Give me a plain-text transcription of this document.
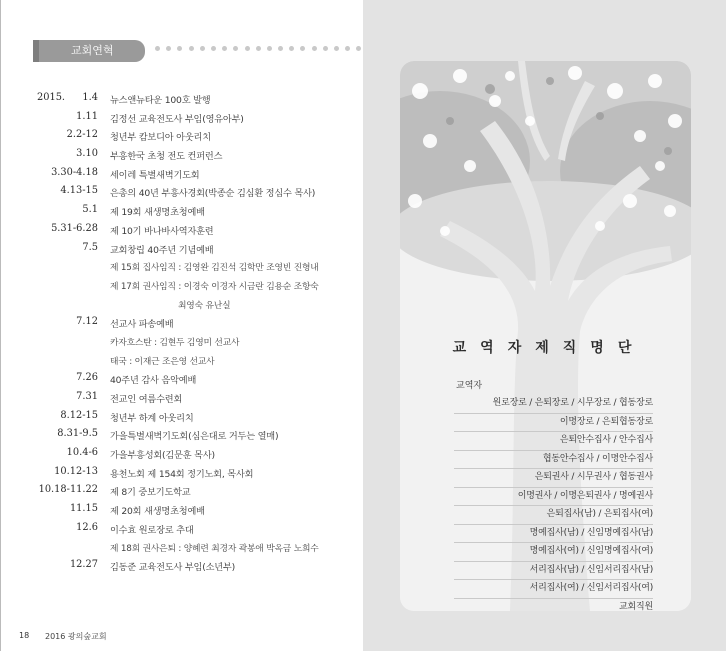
교회연혁
2015. 1.4 뉴스앤뉴타운 100호 발행
1.11 김정선 교육전도사 부임(영유아부)
2.2-12 청년부 캄보디아 아웃리치
3.10 부흥한국 초청 전도 컨퍼런스
3.30-4.18 세이레 특별새벽기도회
4.13-15 은총의 40년 부흥사경회(박종순 김심환 정심수 목사)
5.1 제 19회 새생명초청예배
5.31-6.28 제 10기 바나바사역자훈련
7.5 교회창립 40주년 기념예배
제 15회 집사임직 : 김영완 김진석 김학만 조영빈 진형내
제 17회 권사임직 : 이경숙 이경자 시금란 김용순 조항숙
최영숙 유난실
7.12 선교사 파송예배
카자흐스탄 : 김현두 김영미 선교사
태국 : 이재근 조은영 선교사
7.26 40주년 감사 음악예배
7.31 전교인 여름수련회
8.12-15 청년부 하계 아웃리치
8.31-9.5 가을특별새벽기도회(심은대로 거두는 열매)
10.4-6 가을부흥성회(김문훈 목사)
10.12-13 용천노회 제 154회 정기노회, 목사회
10.18-11.22 제 8기 중보기도학교
11.15 제 20회 새생명초청예배
12.6 이수효 원로장로 추대
제 18회 권사은퇴 : 양혜련 최경자 곽봉애 박옥금 노희수
12.27 김동준 교육전도사 부임(소년부)
18 2016 광의숲교회
교	역	자	제	직	명	단
교역자
원로장로 / 은퇴장로 / 시무장로 / 협동장로
이명장로 / 은퇴협동장로
은퇴안수집사 / 안수집사
협동안수집사 / 이명안수집사
은퇴권사 / 시무권사 / 협동권사
이명권사 / 이명은퇴권사 / 명예권사
은퇴집사(남) / 은퇴집사(여)
명예집사(남) / 신임명예집사(남)
명예집사(여) / 신임명예집사(여)
서리집사(남) / 신임서리집사(남)
서리집사(여) / 신임서리집사(여)
교회직원
